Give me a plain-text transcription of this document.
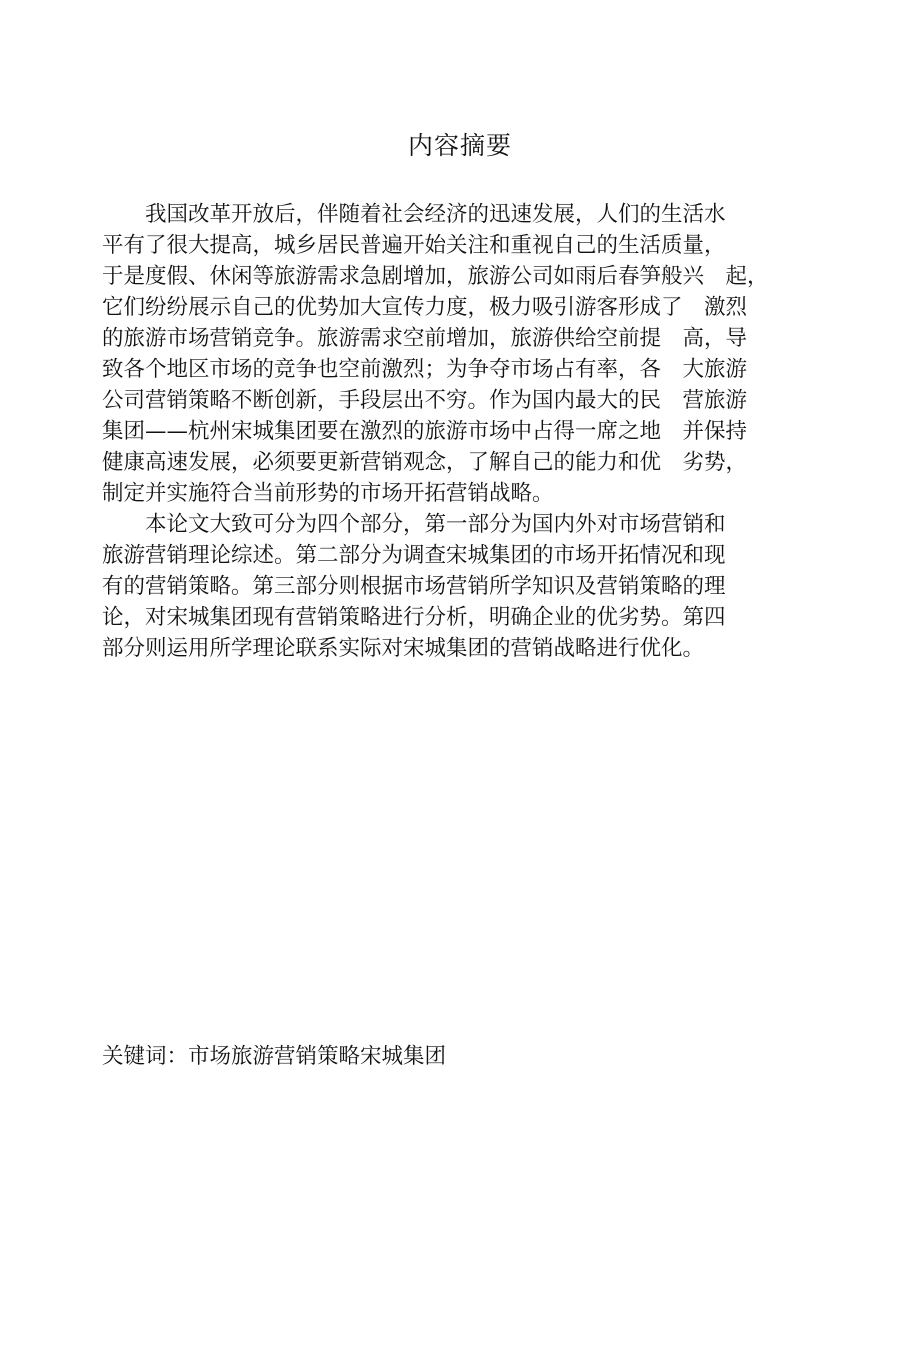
内容摘要
　　我国改革开放后，伴随着社会经济的迅速发展，人们的生活水
平有了很大提高，城乡居民普遍开始关注和重视自己的生活质量，
于是度假、休闲等旅游需求急剧增加，旅游公司如雨后春笋般兴　起，
它们纷纷展示自己的优势加大宣传力度，极力吸引游客形成了　激烈
的旅游市场营销竞争。旅游需求空前增加，旅游供给空前提　高，导
致各个地区市场的竞争也空前激烈；为争夺市场占有率，各　大旅游
公司营销策略不断创新，手段层出不穷。作为国内最大的民　营旅游
集团——杭州宋城集团要在激烈的旅游市场中占得一席之地　并保持
健康高速发展，必须要更新营销观念，了解自己的能力和优　劣势，
制定并实施符合当前形势的市场开拓营销战略。
　　本论文大致可分为四个部分，第一部分为国内外对市场营销和
旅游营销理论综述。第二部分为调查宋城集团的市场开拓情况和现
有的营销策略。第三部分则根据市场营销所学知识及营销策略的理
论，对宋城集团现有营销策略进行分析，明确企业的优劣势。第四
部分则运用所学理论联系实际对宋城集团的营销战略进行优化。
关键词：市场旅游营销策略宋城集团
